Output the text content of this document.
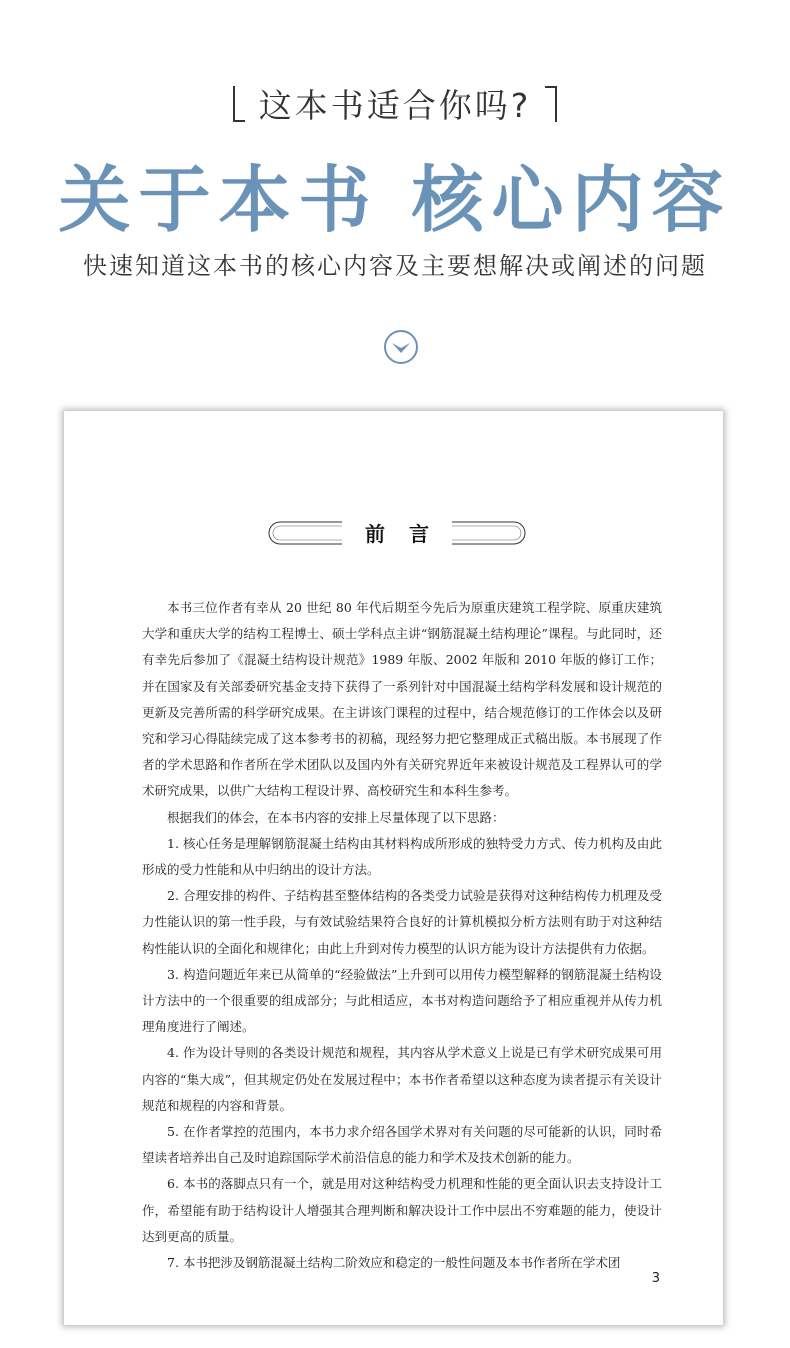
这本书适合你吗?
关于本书 核心内容
快速知道这本书的核心内容及主要想解决或阐述的问题
前言

本书三位作者有幸从 20 世纪 80 年代后期至今先后为原重庆建筑工程学院、原重庆建筑大学和重庆大学的结构工程博士、硕士学科点主讲“钢筋混凝土结构理论”课程。与此同时，还有幸先后参加了《混凝土结构设计规范》1989 年版、2002 年版和 2010 年版的修订工作；并在国家及有关部委研究基金支持下获得了一系列针对中国混凝土结构学科发展和设计规范的更新及完善所需的科学研究成果。在主讲该门课程的过程中，结合规范修订的工作体会以及研究和学习心得陆续完成了这本参考书的初稿，现经努力把它整理成正式稿出版。本书展现了作者的学术思路和作者所在学术团队以及国内外有关研究界近年来被设计规范及工程界认可的学术研究成果，以供广大结构工程设计界、高校研究生和本科生参考。

根据我们的体会，在本书内容的安排上尽量体现了以下思路：

1. 核心任务是理解钢筋混凝土结构由其材料构成所形成的独特受力方式、传力机构及由此形成的受力性能和从中归纳出的设计方法。

2. 合理安排的构件、子结构甚至整体结构的各类受力试验是获得对这种结构传力机理及受力性能认识的第一性手段，与有效试验结果符合良好的计算机模拟分析方法则有助于对这种结构性能认识的全面化和规律化；由此上升到对传力模型的认识方能为设计方法提供有力依据。

3. 构造问题近年来已从简单的“经验做法”上升到可以用传力模型解释的钢筋混凝土结构设计方法中的一个很重要的组成部分；与此相适应，本书对构造问题给予了相应重视并从传力机理角度进行了阐述。

4. 作为设计导则的各类设计规范和规程，其内容从学术意义上说是已有学术研究成果可用内容的“集大成”，但其规定仍处在发展过程中；本书作者希望以这种态度为读者提示有关设计规范和规程的内容和背景。

5. 在作者掌控的范围内，本书力求介绍各国学术界对有关问题的尽可能新的认识，同时希望读者培养出自己及时追踪国际学术前沿信息的能力和学术及技术创新的能力。

6. 本书的落脚点只有一个，就是用对这种结构受力机理和性能的更全面认识去支持设计工作，希望能有助于结构设计人增强其合理判断和解决设计工作中层出不穷难题的能力，使设计达到更高的质量。

7. 本书把涉及钢筋混凝土结构二阶效应和稳定的一般性问题及本书作者所在学术团

3
